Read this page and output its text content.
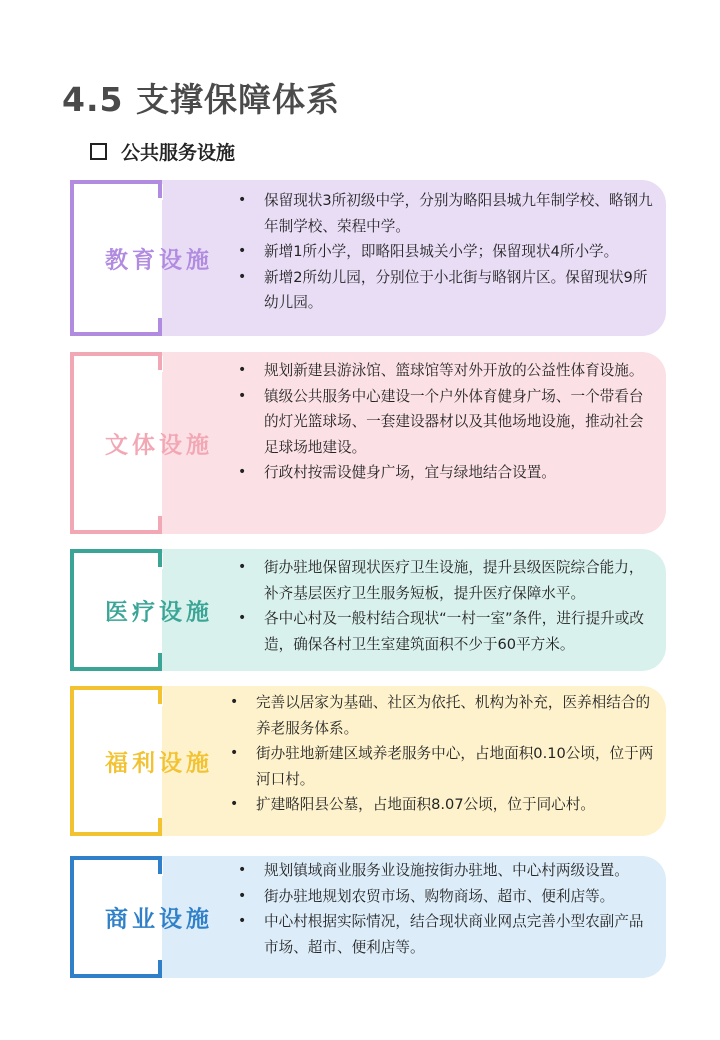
4.5 支撑保障体系
公共服务设施
教育设施
• 保留现状3所初级中学，分别为略阳县城九年制学校、略钢九年制学校、荣程中学。
• 新增1所小学，即略阳县城关小学；保留现状4所小学。
• 新增2所幼儿园，分别位于小北街与略钢片区。保留现状9所幼儿园。
文体设施
• 规划新建县游泳馆、篮球馆等对外开放的公益性体育设施。
• 镇级公共服务中心建设一个户外体育健身广场、一个带看台的灯光篮球场、一套建设器材以及其他场地设施，推动社会足球场地建设。
• 行政村按需设健身广场，宜与绿地结合设置。
医疗设施
• 街办驻地保留现状医疗卫生设施，提升县级医院综合能力，补齐基层医疗卫生服务短板，提升医疗保障水平。
• 各中心村及一般村结合现状“一村一室”条件，进行提升或改造，确保各村卫生室建筑面积不少于60平方米。
福利设施
• 完善以居家为基础、社区为依托、机构为补充，医养相结合的养老服务体系。
• 街办驻地新建区域养老服务中心，占地面积0.10公顷，位于两河口村。
• 扩建略阳县公墓，占地面积8.07公顷，位于同心村。
商业设施
• 规划镇域商业服务业设施按街办驻地、中心村两级设置。
• 街办驻地规划农贸市场、购物商场、超市、便利店等。
• 中心村根据实际情况，结合现状商业网点完善小型农副产品市场、超市、便利店等。
